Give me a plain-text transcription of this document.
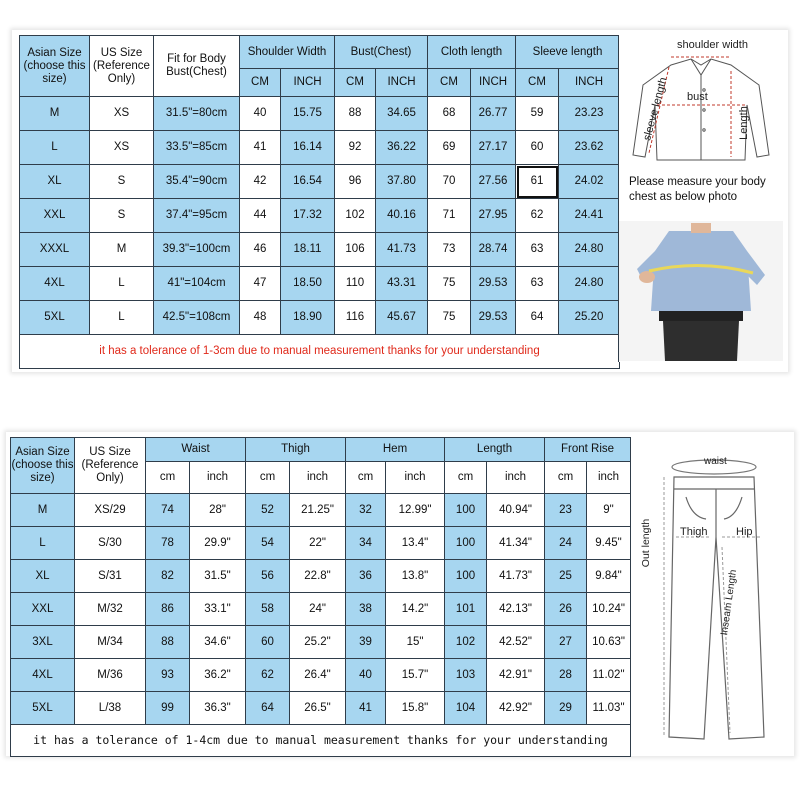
Asian Size (choose this size)	US Size (Reference Only)	Fit for Body Bust(Chest)	Shoulder Width		Bust(Chest)		Cloth length		Sleeve length	
			CM	INCH	CM	INCH	CM	INCH	CM	INCH
M	XS	31.5"=80cm	40	15.75	88	34.65	68	26.77	59	23.23
L	XS	33.5"=85cm	41	16.14	92	36.22	69	27.17	60	23.62
XL	S	35.4"=90cm	42	16.54	96	37.80	70	27.56	61	24.02
XXL	S	37.4"=95cm	44	17.32	102	40.16	71	27.95	62	24.41
XXXL	M	39.3"=100cm	46	18.11	106	41.73	73	28.74	63	24.80
4XL	L	41"=104cm	47	18.50	110	43.31	75	29.53	63	24.80
5XL	L	42.5"=108cm	48	18.90	116	45.67	75	29.53	64	25.20
it has a tolerance of 1-3cm due to manual measurement thanks for your understanding										
shoulder width
bust
sleeve length	Length
Please measure your body chest as below photo
Asian Size (choose this size)	US Size (Reference Only)	Waist		Thigh		Hem		Length		Front Rise	
		cm	inch	cm	inch	cm	inch	cm	inch	cm	inch
M	XS/29	74	28"	52	21.25"	32	12.99"	100	40.94"	23	9"
L	S/30	78	29.9"	54	22"	34	13.4"	100	41.34"	24	9.45"
XL	S/31	82	31.5"	56	22.8"	36	13.8"	100	41.73"	25	9.84"
XXL	M/32	86	33.1"	58	24"	38	14.2"	101	42.13"	26	10.24"
3XL	M/34	88	34.6"	60	25.2"	39	15"	102	42.52"	27	10.63"
4XL	M/36	93	36.2"	62	26.4"	40	15.7"	103	42.91"	28	11.02"
5XL	L/38	99	36.3"	64	26.5"	41	15.8"	104	42.92"	29	11.03"
it has a tolerance of 1-4cm due to manual measurement thanks for your understanding											
waist
Thigh	Hip
Out length
Inseam Length
